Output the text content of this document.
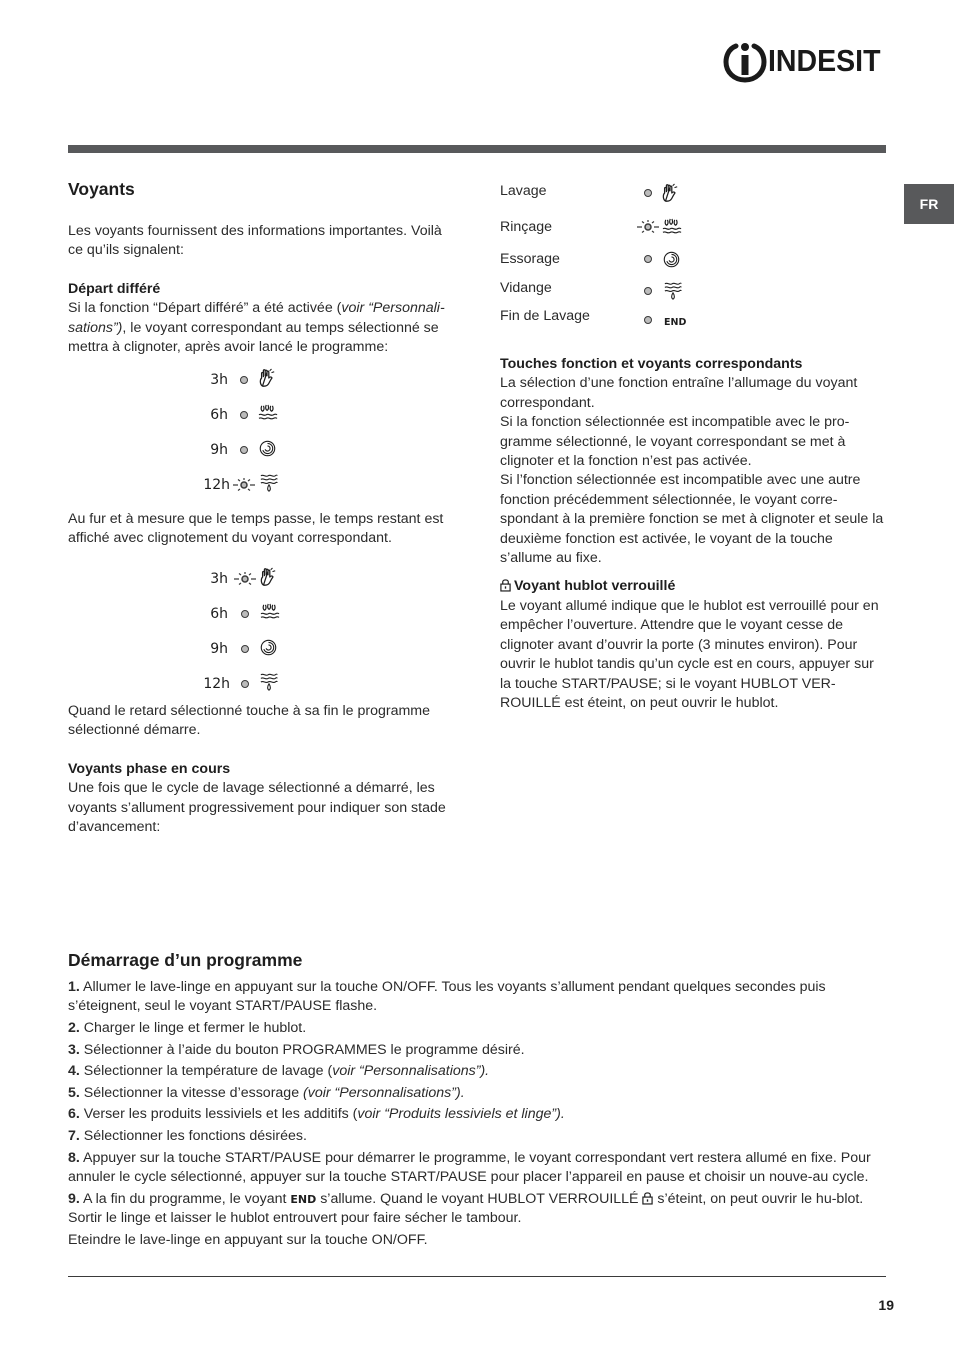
INDESIT
FR
Voyants

Les voyants fournissent des informations importantes. Voilà ce qu’ils signalent:

Départ différé

Si la fonction “Départ différé” a été activée (voir “Personnali-sations”), le voyant correspondant au temps sélectionné se mettra à clignoter, après avoir lancé le programme:

3h
6h
9h
12h

Au fur et à mesure que le temps passe, le temps restant est affiché avec clignotement du voyant correspondant.

3h
6h
9h
12h

Quand le retard sélectionné touche à sa fin le programme sélectionné démarre.

Voyants phase en cours

Une fois que le cycle de lavage sélectionné a démarré, les voyants s’allument progressivement pour indiquer son stade d’avancement:

Lavage
Rinçage
Essorage
Vidange
Fin de Lavage	END

Touches fonction et voyants correspondants

La sélection d’une fonction entraîne l’allumage du voyant correspondant.

Si la fonction sélectionnée est incompatible avec le pro-gramme sélectionné, le voyant correspondant se met à clignoter et la fonction n’est pas activée.

Si l’fonction sélectionnée est incompatible avec une autre fonction précédemment sélectionnée, le voyant corre-spondant à la première fonction se met à clignoter et seule la deuxième fonction est activée, le voyant de la touche s’allume au fixe.

Voyant hublot verrouillé

Le voyant allumé indique que le hublot est verrouillé pour en empêcher l’ouverture. Attendre que le voyant cesse de clignoter avant d’ouvrir la porte (3 minutes environ). Pour ouvrir le hublot tandis qu’un cycle est en cours, appuyer sur la touche START/PAUSE; si le voyant HUBLOT VER-ROUILLÉ est éteint, on peut ouvrir le hublot.

Démarrage d’un programme

1. Allumer le lave-linge en appuyant sur la touche ON/OFF. Tous les voyants s’allument pendant quelques secondes puis s’éteignent, seul le voyant START/PAUSE flashe.

2. Charger le linge et fermer le hublot.

3. Sélectionner à l’aide du bouton PROGRAMMES le programme désiré.

4. Sélectionner la température de lavage (voir “Personnalisations”).

5. Sélectionner la vitesse d’essorage (voir “Personnalisations”).

6. Verser les produits lessiviels et les additifs (voir “Produits lessiviels et linge”).

7. Sélectionner les fonctions désirées.

8. Appuyer sur la touche START/PAUSE pour démarrer le programme, le voyant correspondant vert restera allumé en fixe. Pour annuler le cycle sélectionné, appuyer sur la touche START/PAUSE pour placer l’appareil en pause et choisir un nouve-au cycle.

9. A la fin du programme, le voyant END s’allume. Quand le voyant HUBLOT VERROUILLÉ  s’éteint, on peut ouvrir le hu-blot. Sortir le linge et laisser le hublot entrouvert pour faire sécher le tambour.

Eteindre le lave-linge en appuyant sur la touche ON/OFF.

19
